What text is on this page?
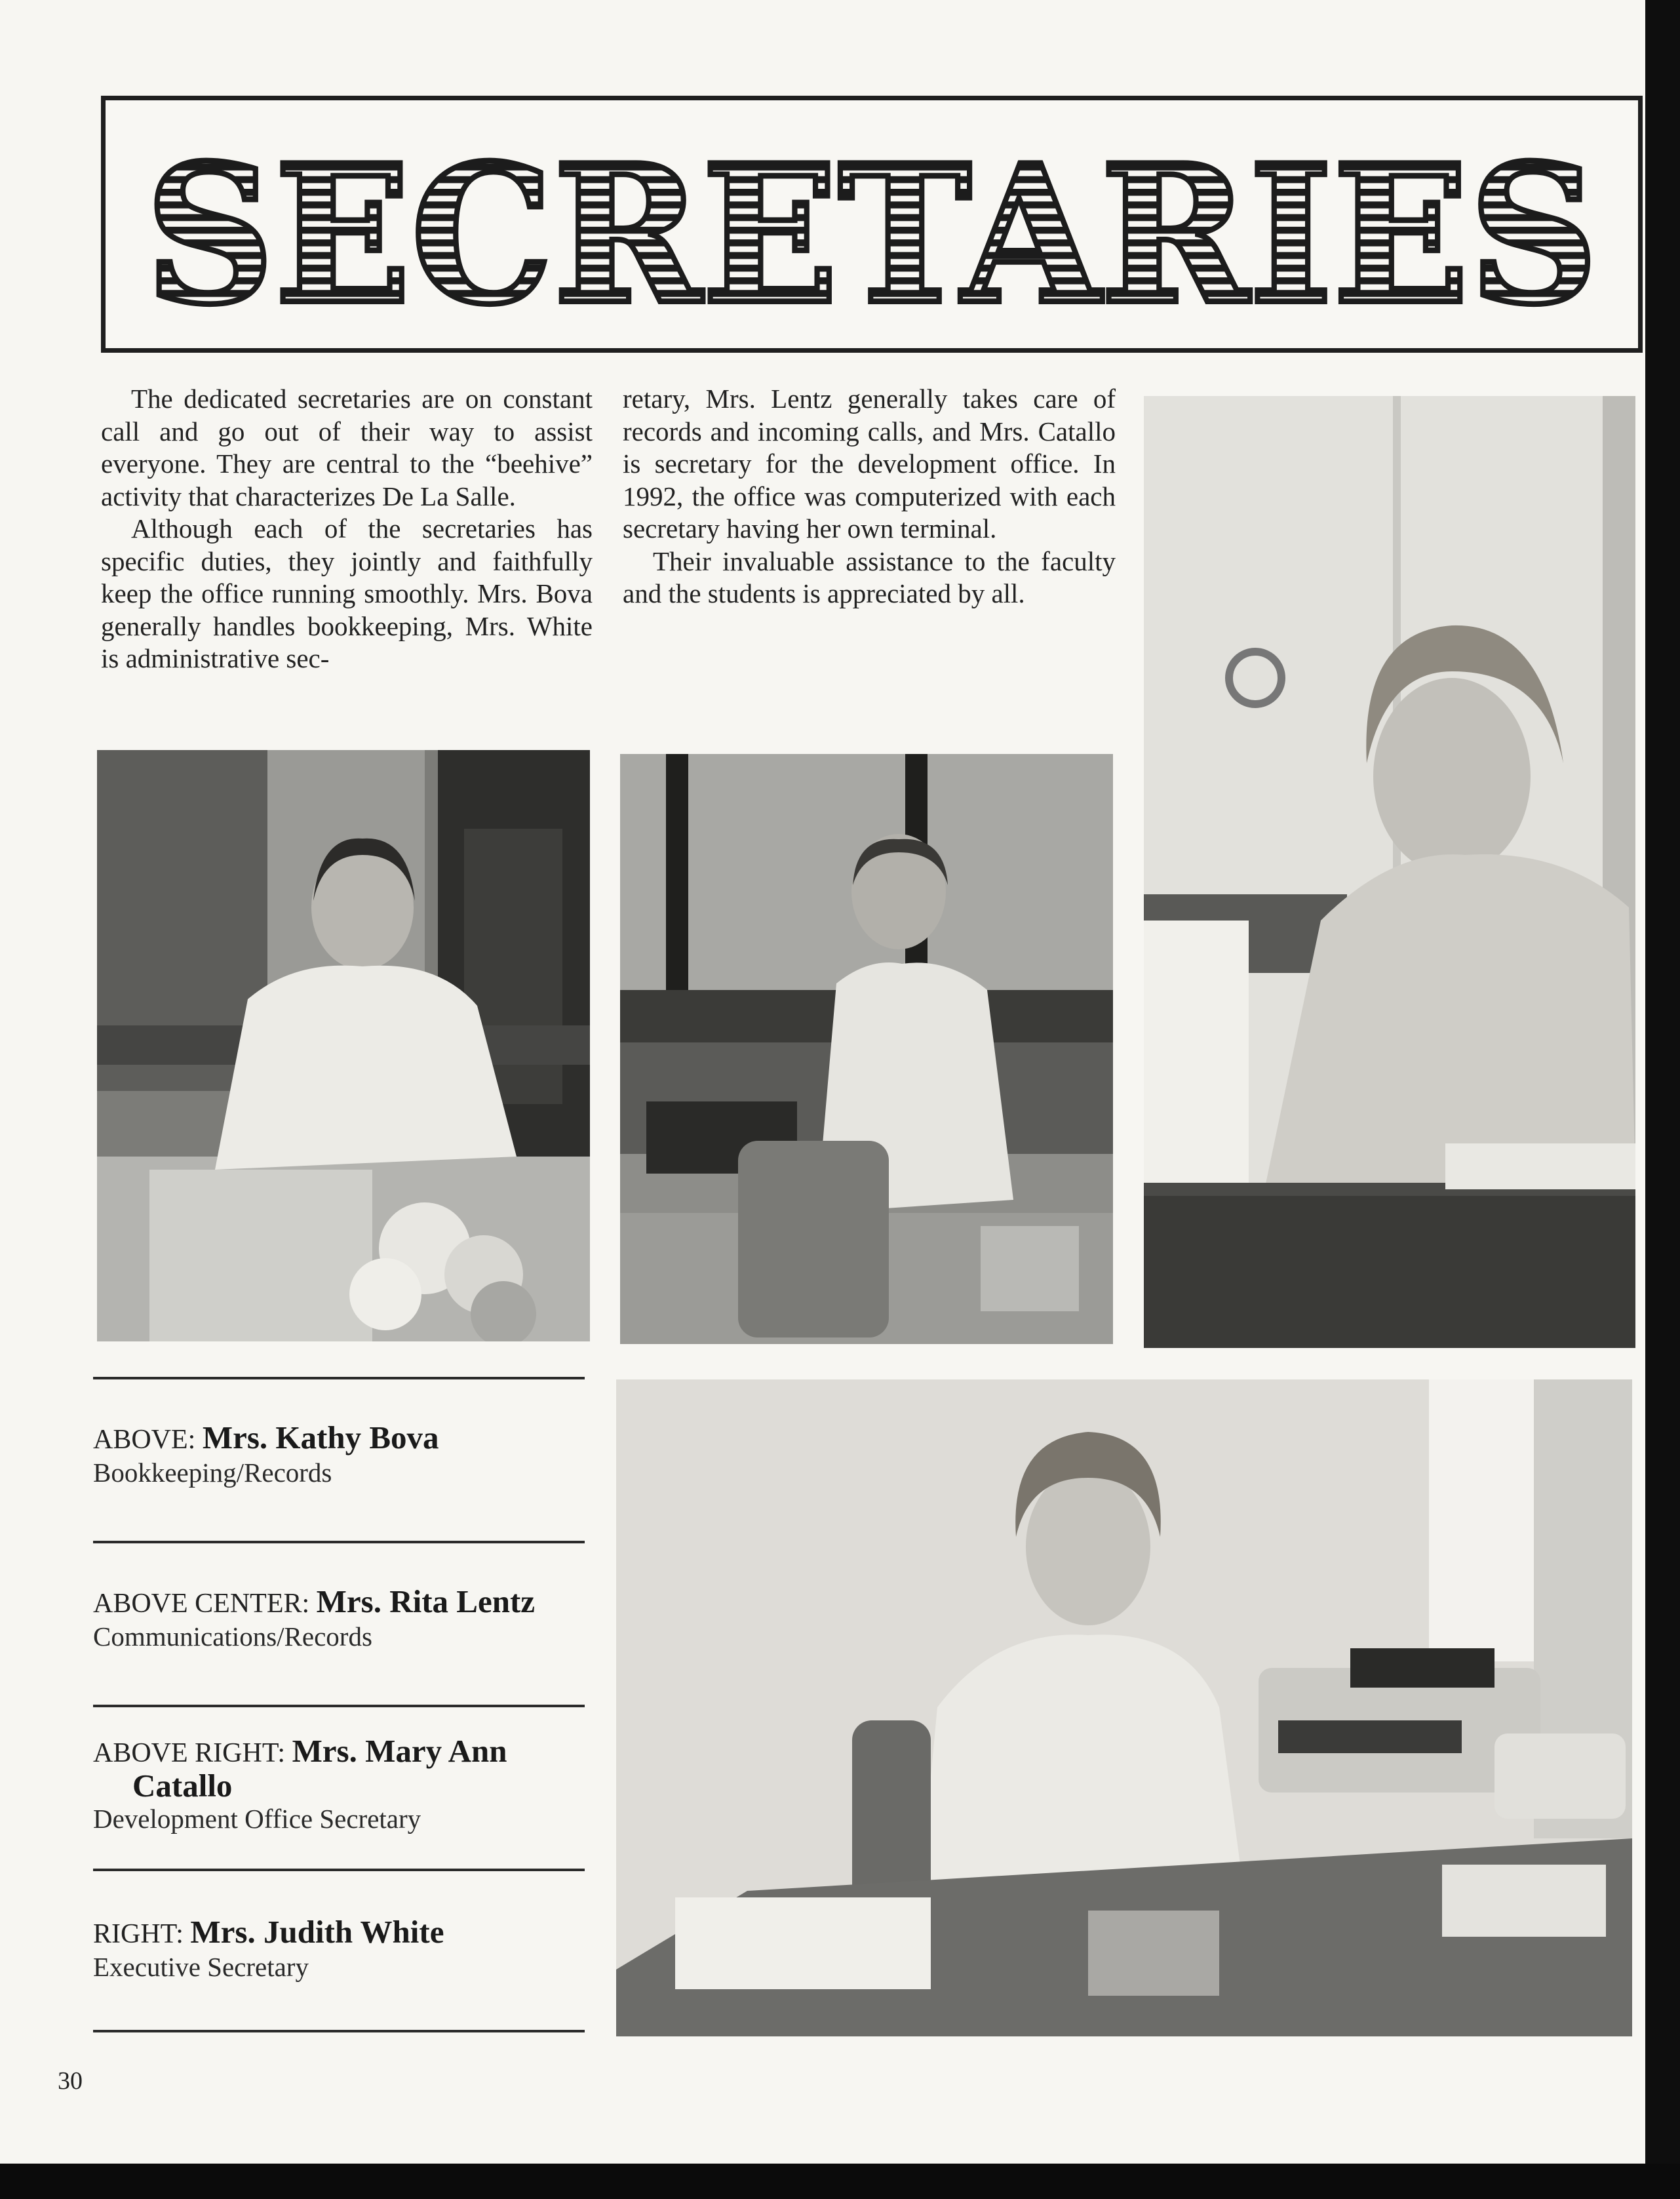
SECRETARIES

The dedicated secretaries are on constant call and go out of their way to assist everyone. They are central to the “beehive” activity that characterizes De La Salle.

Although each of the secretaries has specific duties, they jointly and faithfully keep the office running smoothly. Mrs. Bova generally handles bookkeeping, Mrs. White is administrative sec-

retary, Mrs. Lentz generally takes care of records and incoming calls, and Mrs. Catallo is secretary for the development office. In 1992, the office was computerized with each secretary having her own terminal.

Their invaluable assistance to the faculty and the students is appreciated by all.

ABOVE: Mrs. Kathy Bova
Bookkeeping/Records
ABOVE CENTER: Mrs. Rita Lentz
Communications/Records
ABOVE RIGHT: Mrs. Mary Ann
Catallo
Development Office Secretary
RIGHT: Mrs. Judith White
Executive Secretary
30
